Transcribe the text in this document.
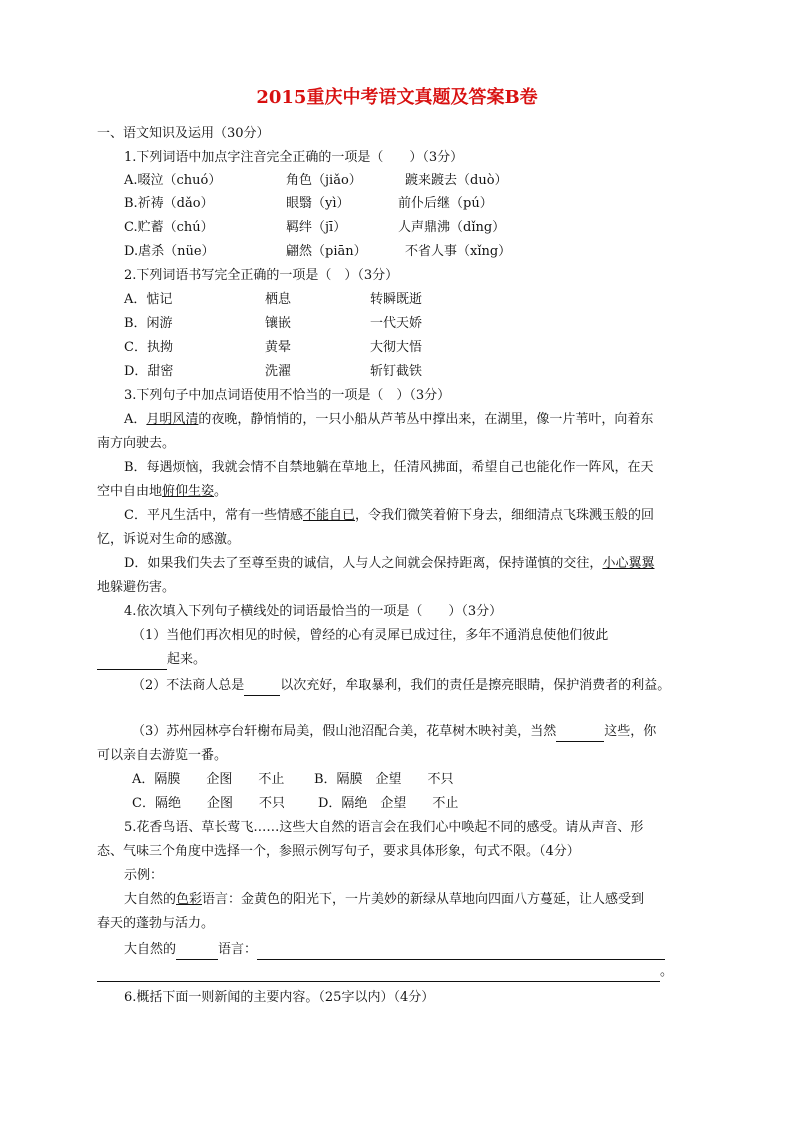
2015重庆中考语文真题及答案B卷
一、语文知识及运用（30分）
1.下列词语中加点字注音完全正确的一项是（　　）（3分）
A.啜泣（chuó）	角色（jiǎo）	踱来踱去（duò）
B.祈祷（dǎo）	眼翳（yì）	前仆后继（pú）
C.贮蓄（chú）	羁绊（jī）	人声鼎沸（dǐng）
D.虐杀（nüe）	翩然（piān）	不省人事（xǐng）
2.下列词语书写完全正确的一项是（　）（3分）
A．惦记	栖息	转瞬既逝
B．闲游	镶嵌	一代天娇
C．执拗	黄晕	大彻大悟
D．甜密	洗濯	斩钉截铁
3.下列句子中加点词语使用不恰当的一项是（　）（3分）
A．月明风清的夜晚，静悄悄的，一只小船从芦苇丛中撑出来，在湖里，像一片苇叶，向着东
南方向驶去。
B．每遇烦恼，我就会情不自禁地躺在草地上，任清风拂面，希望自己也能化作一阵风，在天
空中自由地俯仰生姿。
C．平凡生活中，常有一些情感不能自已，令我们微笑着俯下身去，细细清点飞珠溅玉般的回
忆，诉说对生命的感激。
D．如果我们失去了至尊至贵的诚信，人与人之间就会保持距离，保持谨慎的交往，小心翼翼
地躲避伤害。
4.依次填入下列句子横线处的词语最恰当的一项是（　　）（3分）
（1）当他们再次相见的时候，曾经的心有灵犀已成过往，多年不通消息使他们彼此
起来。
（2）不法商人总是	以次充好，牟取暴利，我们的责任是擦亮眼睛，保护消费者的利益。
（3）苏州园林亭台轩榭布局美，假山池沼配合美，花草树木映衬美，当然	这些，你
可以亲自去游览一番。
A．隔膜　　企图　　不止 B．隔膜　企望　　不只
C．隔绝　　企图　　不只	D．隔绝　企望　　不止
5.花香鸟语、草长莺飞……这些大自然的语言会在我们心中唤起不同的感受。请从声音、形
态、气味三个角度中选择一个，参照示例写句子，要求具体形象，句式不限。（4分）
示例：
大自然的色彩语言：金黄色的阳光下，一片美妙的新绿从草地向四面八方蔓延，让人感受到
春天的蓬勃与活力。
大自然的	语言：
。
6.概括下面一则新闻的主要内容。（25字以内）（4分）
